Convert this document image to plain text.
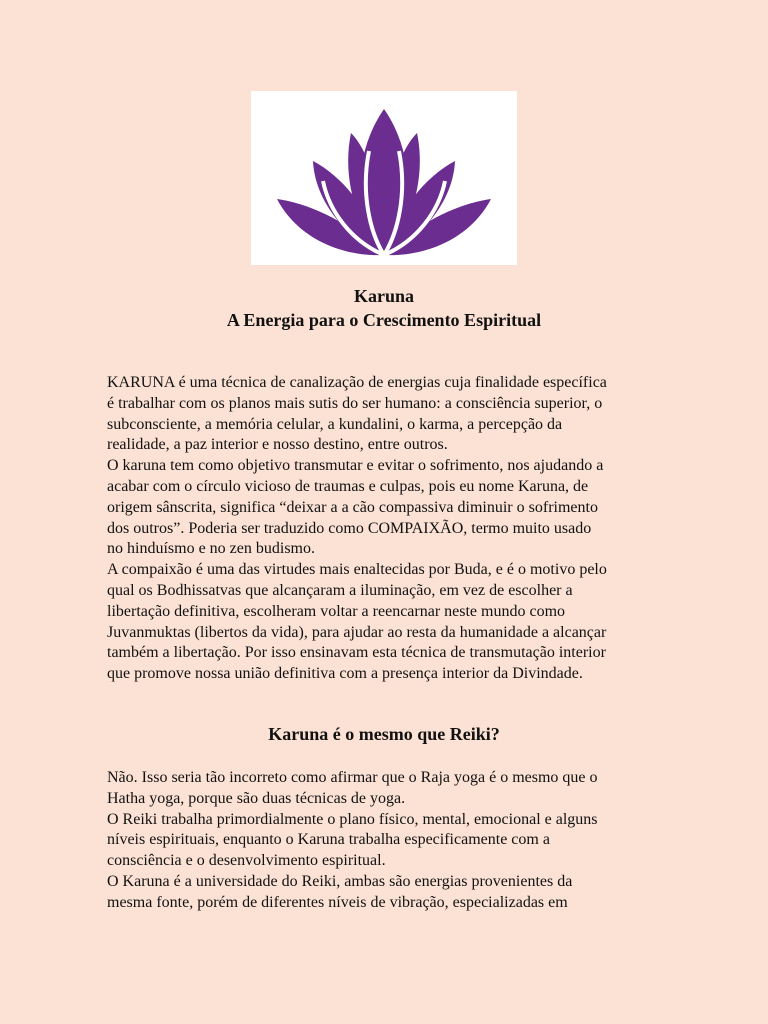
Karuna
A Energia para o Crescimento Espiritual
KARUNA é uma técnica de canalização de energias cuja finalidade específica
é trabalhar com os planos mais sutis do ser humano: a consciência superior, o
subconsciente, a memória celular, a kundalini, o karma, a percepção da
realidade, a paz interior e nosso destino, entre outros.
O karuna tem como objetivo transmutar e evitar o sofrimento, nos ajudando a
acabar com o círculo vicioso de traumas e culpas, pois eu nome Karuna, de
origem sânscrita, significa “deixar a a cão compassiva diminuir o sofrimento
dos outros”. Poderia ser traduzido como COMPAIXÃO, termo muito usado
no hinduísmo e no zen budismo.
A compaixão é uma das virtudes mais enaltecidas por Buda, e é o motivo pelo
qual os Bodhissatvas que alcançaram a iluminação, em vez de escolher a
libertação definitiva, escolheram voltar a reencarnar neste mundo como
Juvanmuktas (libertos da vida), para ajudar ao resta da humanidade a alcançar
também a libertação. Por isso ensinavam esta técnica de transmutação interior
que promove nossa união definitiva com a presença interior da Divindade.
Karuna é o mesmo que Reiki?
Não. Isso seria tão incorreto como afirmar que o Raja yoga é o mesmo que o
Hatha yoga, porque são duas técnicas de yoga.
O Reiki trabalha primordialmente o plano físico, mental, emocional e alguns
níveis espirituais, enquanto o Karuna trabalha especificamente com a
consciência e o desenvolvimento espiritual.
O Karuna é a universidade do Reiki, ambas são energias provenientes da
mesma fonte, porém de diferentes níveis de vibração, especializadas em
